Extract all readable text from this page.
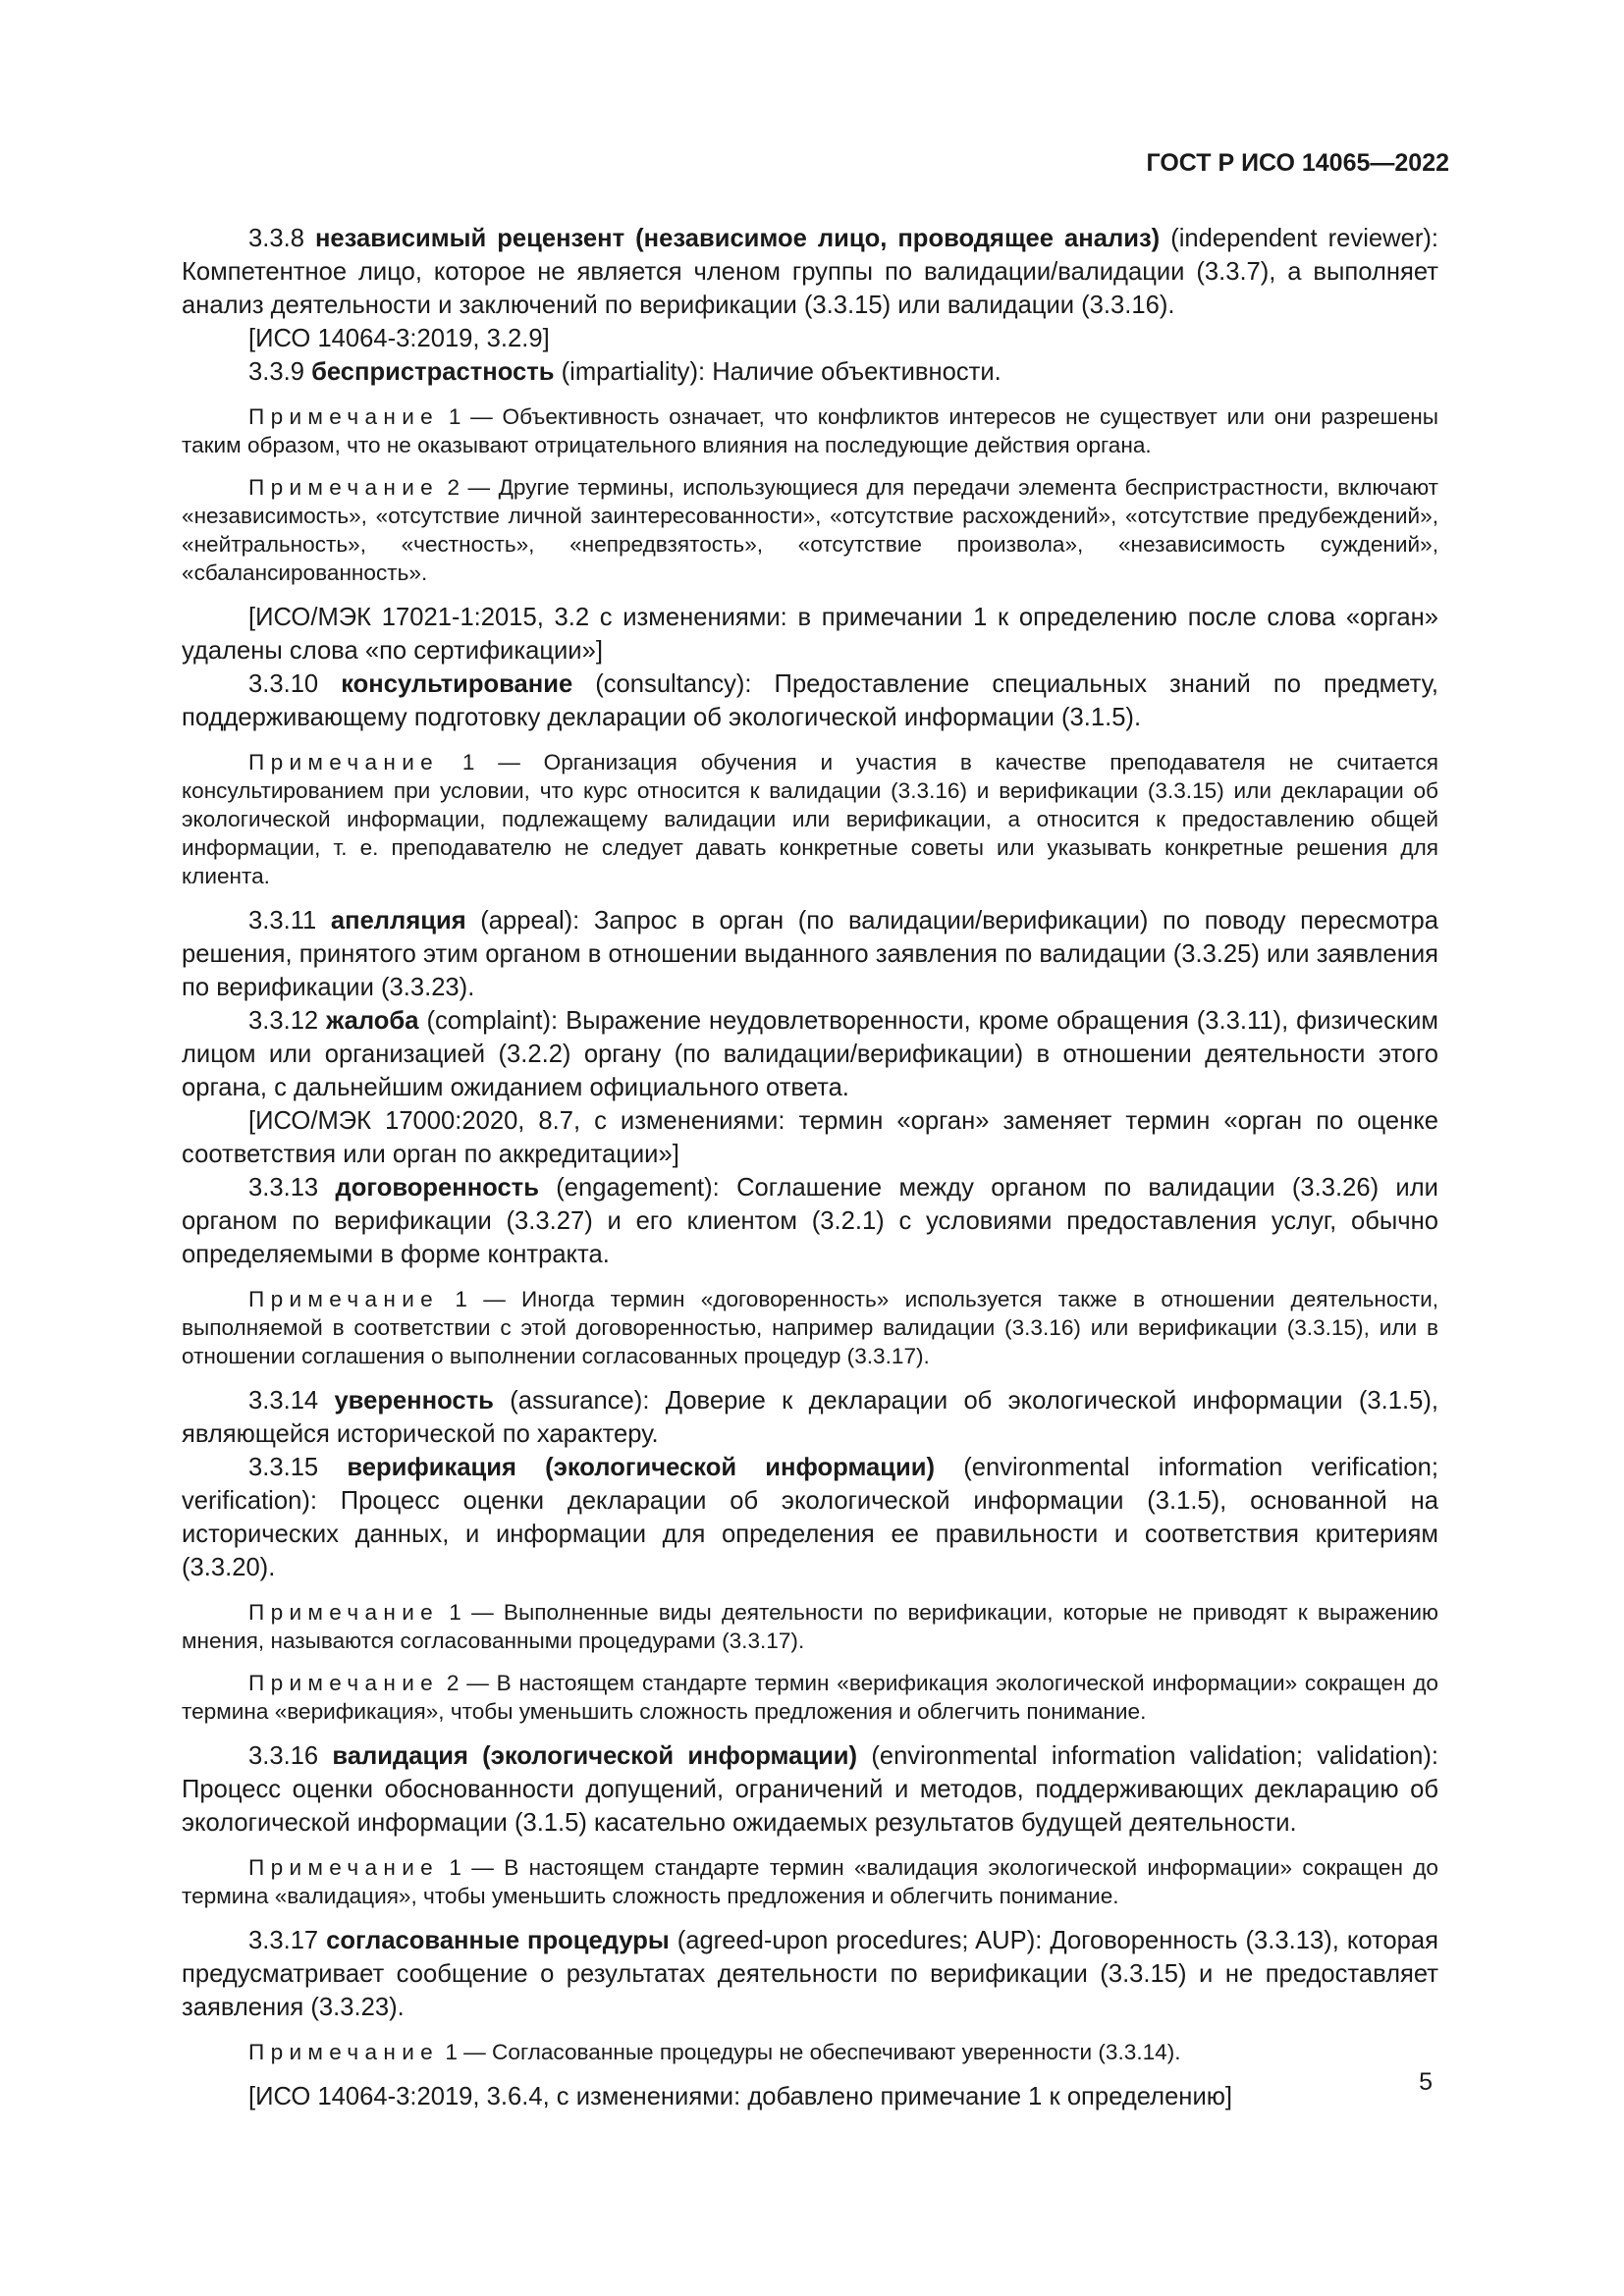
ГОСТ Р ИСО 14065—2022

3.3.8 независимый рецензент (независимое лицо, проводящее анализ) (independent reviewer): Компетентное лицо, которое не является членом группы по валидации/валидации (3.3.7), а выполняет анализ деятельности и заключений по верификации (3.3.15) или валидации (3.3.16).

[ИСО 14064-3:2019, 3.2.9]

3.3.9 беспристрастность (impartiality): Наличие объективности.

Примечание 1 — Объективность означает, что конфликтов интересов не существует или они разрешены таким образом, что не оказывают отрицательного влияния на последующие действия органа.

Примечание 2 — Другие термины, использующиеся для передачи элемента беспристрастности, включают «независимость», «отсутствие личной заинтересованности», «отсутствие расхождений», «отсутствие предубеждений», «нейтральность», «честность», «непредвзятость», «отсутствие произвола», «независимость суждений», «сбалансированность».

[ИСО/МЭК 17021-1:2015, 3.2 с изменениями: в примечании 1 к определению после слова «орган» удалены слова «по сертификации»]

3.3.10 консультирование (consultancy): Предоставление специальных знаний по предмету, поддерживающему подготовку декларации об экологической информации (3.1.5).

Примечание 1 — Организация обучения и участия в качестве преподавателя не считается консультированием при условии, что курс относится к валидации (3.3.16) и верификации (3.3.15) или декларации об экологической информации, подлежащему валидации или верификации, а относится к предоставлению общей информации, т. е. преподавателю не следует давать конкретные советы или указывать конкретные решения для клиента.

3.3.11 апелляция (appeal): Запрос в орган (по валидации/верификации) по поводу пересмотра решения, принятого этим органом в отношении выданного заявления по валидации (3.3.25) или заявления по верификации (3.3.23).

3.3.12 жалоба (complaint): Выражение неудовлетворенности, кроме обращения (3.3.11), физическим лицом или организацией (3.2.2) органу (по валидации/верификации) в отношении деятельности этого органа, с дальнейшим ожиданием официального ответа.

[ИСО/МЭК 17000:2020, 8.7, с изменениями: термин «орган» заменяет термин «орган по оценке соответствия или орган по аккредитации»]

3.3.13 договоренность (engagement): Соглашение между органом по валидации (3.3.26) или органом по верификации (3.3.27) и его клиентом (3.2.1) с условиями предоставления услуг, обычно определяемыми в форме контракта.

Примечание 1 — Иногда термин «договоренность» используется также в отношении деятельности, выполняемой в соответствии с этой договоренностью, например валидации (3.3.16) или верификации (3.3.15), или в отношении соглашения о выполнении согласованных процедур (3.3.17).

3.3.14 уверенность (assurance): Доверие к декларации об экологической информации (3.1.5), являющейся исторической по характеру.

3.3.15 верификация (экологической информации) (environmental information verification; verification): Процесс оценки декларации об экологической информации (3.1.5), основанной на исторических данных, и информации для определения ее правильности и соответствия критериям (3.3.20).

Примечание 1 — Выполненные виды деятельности по верификации, которые не приводят к выражению мнения, называются согласованными процедурами (3.3.17).

Примечание 2 — В настоящем стандарте термин «верификация экологической информации» сокращен до термина «верификация», чтобы уменьшить сложность предложения и облегчить понимание.

3.3.16 валидация (экологической информации) (environmental information validation; validation): Процесс оценки обоснованности допущений, ограничений и методов, поддерживающих декларацию об экологической информации (3.1.5) касательно ожидаемых результатов будущей деятельности.

Примечание 1 — В настоящем стандарте термин «валидация экологической информации» сокращен до термина «валидация», чтобы уменьшить сложность предложения и облегчить понимание.

3.3.17 согласованные процедуры (agreed-upon procedures; AUP): Договоренность (3.3.13), которая предусматривает сообщение о результатах деятельности по верификации (3.3.15) и не предоставляет заявления (3.3.23).

Примечание 1 — Согласованные процедуры не обеспечивают уверенности (3.3.14).

[ИСО 14064-3:2019, 3.6.4, с изменениями: добавлено примечание 1 к определению]

5
